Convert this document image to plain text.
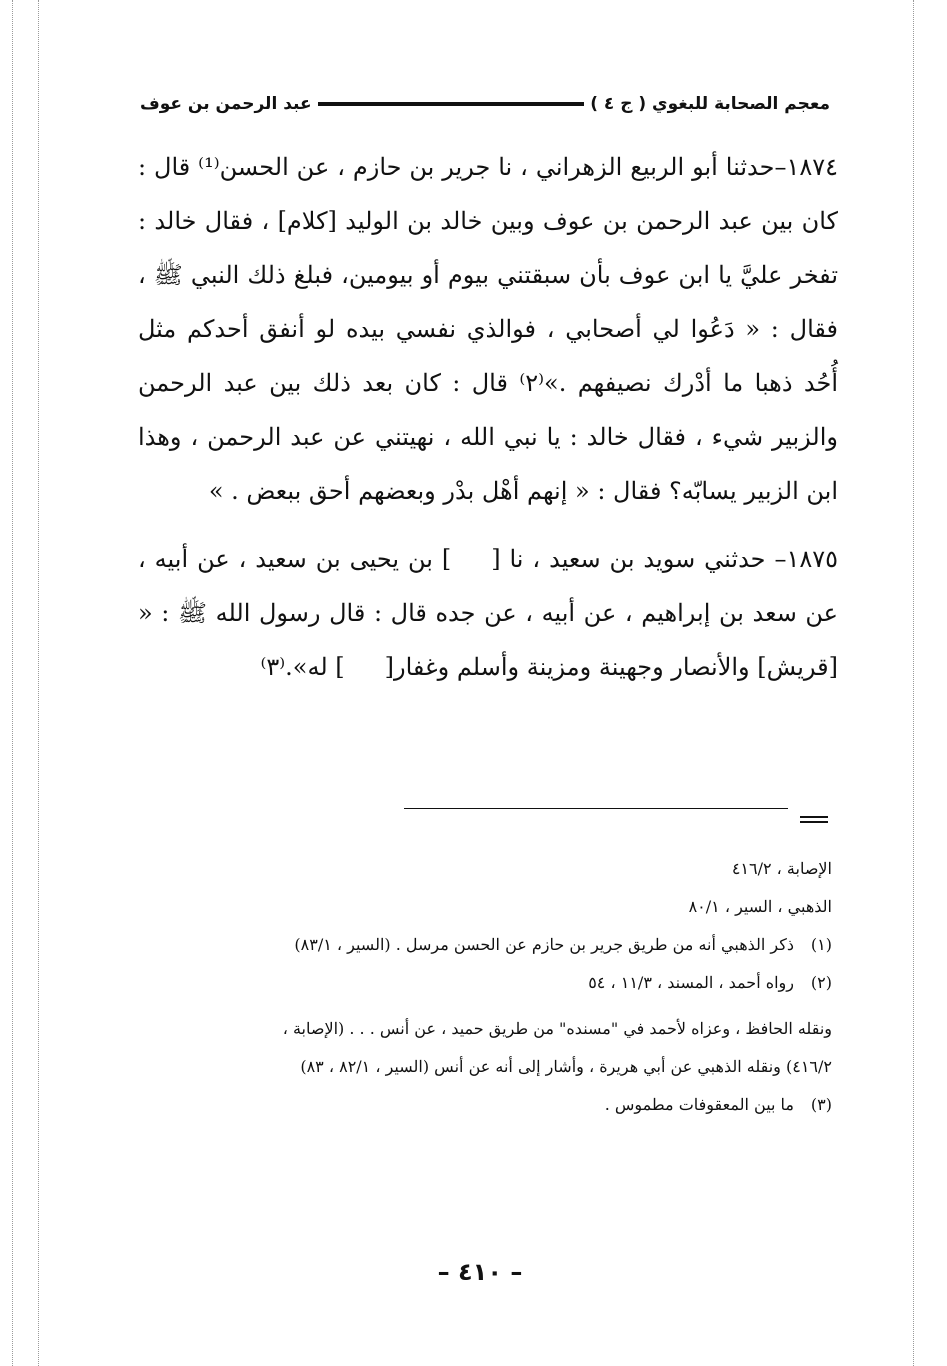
معجم الصحابة للبغوي ( ج ٤ )
عبد الرحمن بن عوف

١٨٧٤–حدثنا أبو الربيع الزهراني ، نا جرير بن حازم ، عن الحسن⁽¹⁾ قال : كان بين عبد الرحمن بن عوف وبين خالد بن الوليد [كلام] ، فقال خالد : تفخر عليَّ يا ابن عوف بأن سبقتني بيوم أو بيومين، فبلغ ذلك النبي ﷺ ، فقال : « دَعُوا لي أصحابي ، فوالذي نفسي بيده لو أنفق أحدكم مثل أُحُد ذهبا ما أدْرك نصيفهم .»⁽٢⁾ قال : كان بعد ذلك بين عبد الرحمن والزبير شيء ، فقال خالد : يا نبي الله ، نهيتني عن عبد الرحمن ، وهذا ابن الزبير يسابّه؟ فقال : « إنهم أهْل بدْر وبعضهم أحق ببعض . »

١٨٧٥– حدثني سويد بن سعيد ، نا [] بن يحيى بن سعيد ، عن أبيه ، عن سعد بن إبراهيم ، عن أبيه ، عن جده قال : قال رسول الله ﷺ : « [قريش] والأنصار وجهينة ومزينة وأسلم وغفار[] له».⁽٣⁾

الإصابة ، ٤١٦/٢

الذهبي ، السير ، ٨٠/١

(١)ذكر الذهبي أنه من طريق جرير بن حازم عن الحسن مرسل . (السير ، ٨٣/١)

(٢)رواه أحمد ، المسند ، ١١/٣ ، ٥٤

ونقله الحافظ ، وعزاه لأحمد في "مسنده" من طريق حميد ، عن أنس . . . (الإصابة ،

٤١٦/٢) ونقله الذهبي عن أبي هريرة ، وأشار إلى أنه عن أنس (السير ، ٨٢/١ ، ٨٣)

(٣)ما بين المعقوفات مطموس .

– ٤١٠ –
